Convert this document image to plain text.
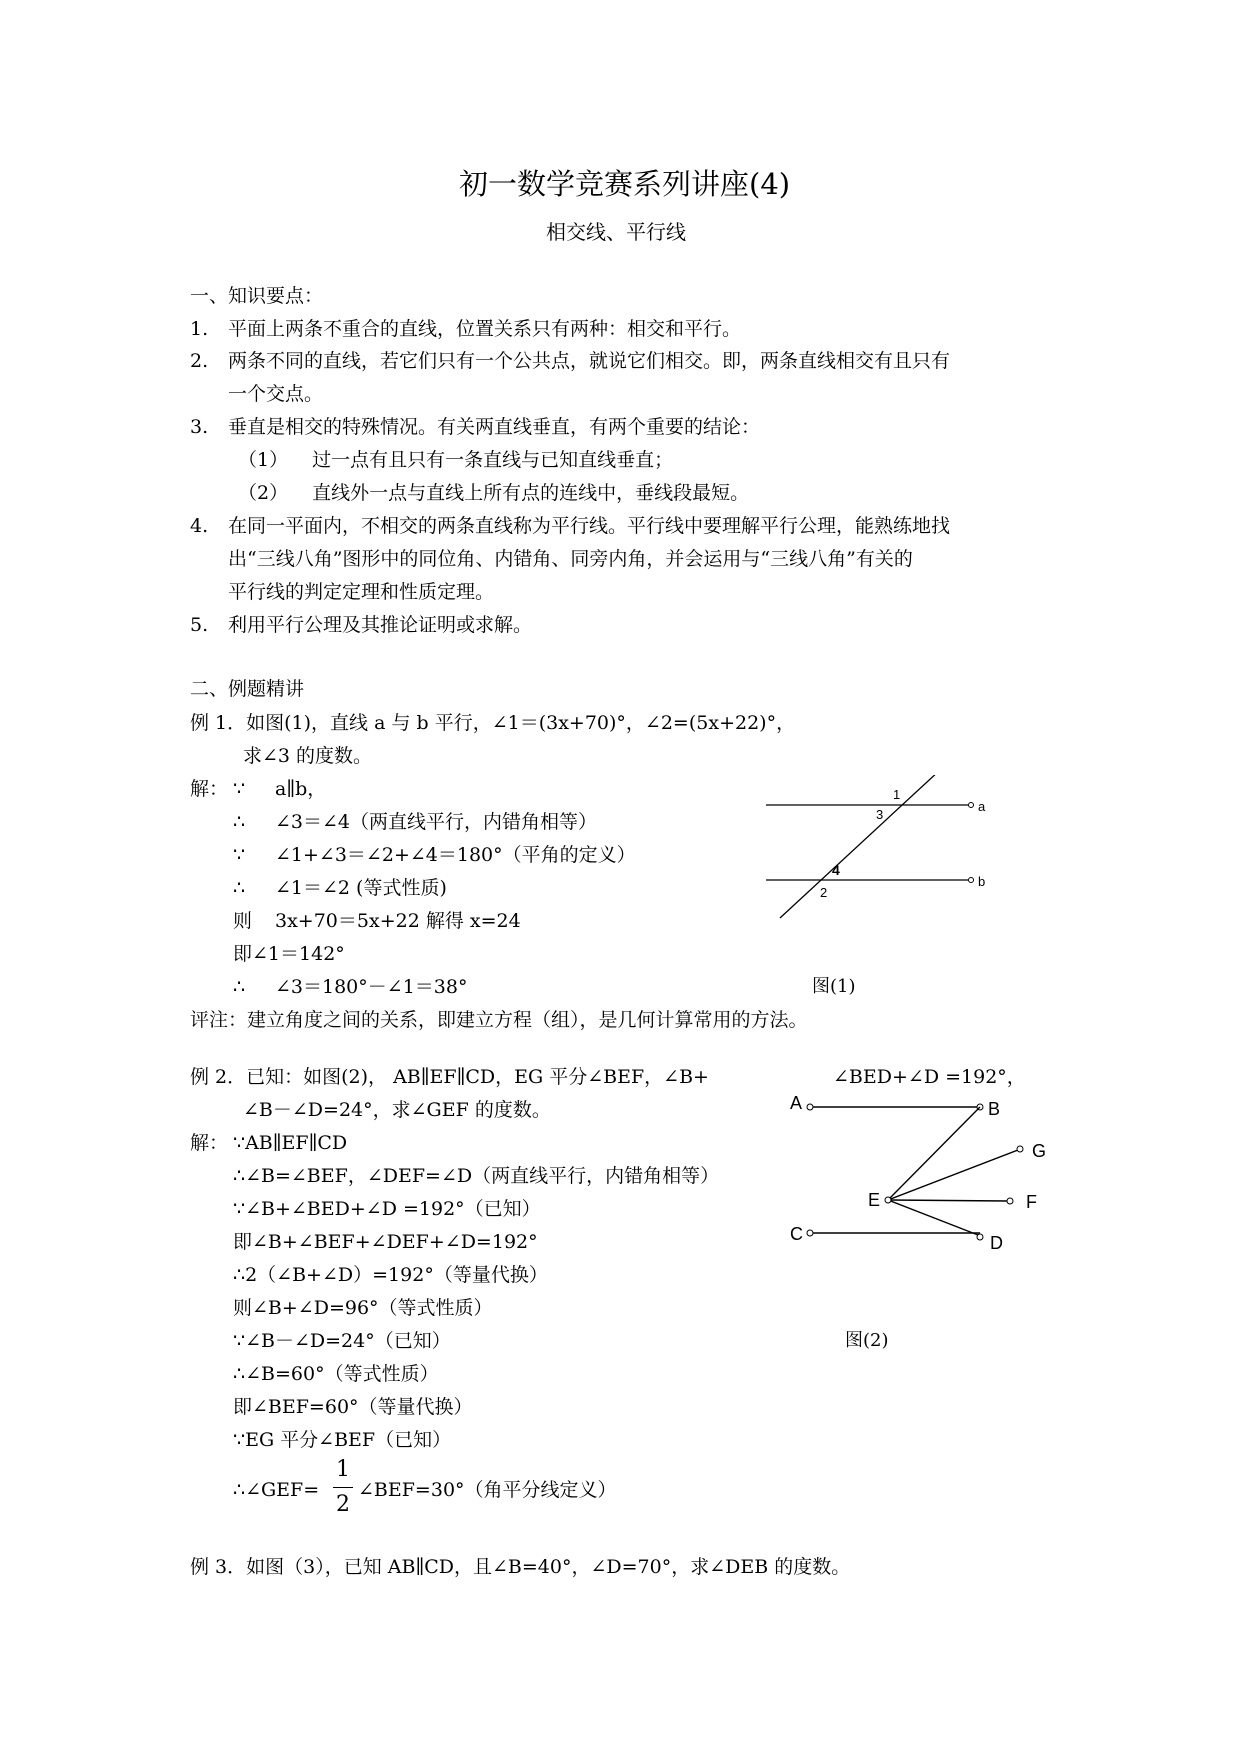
初一数学竞赛系列讲座(4)
相交线、平行线
一、知识要点：
1. 平面上两条不重合的直线，位置关系只有两种：相交和平行。
2. 两条不同的直线，若它们只有一个公共点，就说它们相交。即，两条直线相交有且只有
一个交点。
3. 垂直是相交的特殊情况。有关两直线垂直，有两个重要的结论：
（1） 过一点有且只有一条直线与已知直线垂直；
（2） 直线外一点与直线上所有点的连线中，垂线段最短。
4. 在同一平面内，不相交的两条直线称为平行线。平行线中要理解平行公理，能熟练地找
出“三线八角”图形中的同位角、内错角、同旁内角，并会运用与“三线八角”有关的
平行线的判定定理和性质定理。
5. 利用平行公理及其推论证明或求解。
二、例题精讲
例 1．如图(1)，直线 a 与 b 平行，∠1＝(3x+70)°，∠2=(5x+22)°，
求∠3 的度数。
解： ∵ a∥b，
∴ ∠3＝∠4（两直线平行，内错角相等）
∵ ∠1+∠3＝∠2+∠4＝180°（平角的定义）
∴ ∠1＝∠2 (等式性质)
则 3x+70＝5x+22 解得 x=24
即∠1＝142°
∴ ∠3＝180°－∠1＝38°
评注：建立角度之间的关系，即建立方程（组），是几何计算常用的方法。
1
3
4
2
a
b
图(1)
例 2．已知：如图(2)， AB∥EF∥CD，EG 平分∠BEF，∠B+	∠BED+∠D =192°，
∠B－∠D=24°，求∠GEF 的度数。
解： ∵AB∥EF∥CD
∴∠B=∠BEF，∠DEF=∠D（两直线平行，内错角相等）
∵∠B+∠BED+∠D =192°（已知）
即∠B+∠BEF+∠DEF+∠D=192°
∴2（∠B+∠D）=192°（等量代换）
则∠B+∠D=96°（等式性质）
∵∠B－∠D=24°（已知）
∴∠B=60°（等式性质）
即∠BEF=60°（等量代换）
∵EG 平分∠BEF（已知）
∴∠GEF=
1
2
∠BEF=30°（角平分线定义）
A	B
G
E	F
C	D
图(2)
例 3．如图（3），已知 AB∥CD，且∠B=40°，∠D=70°，求∠DEB 的度数。
